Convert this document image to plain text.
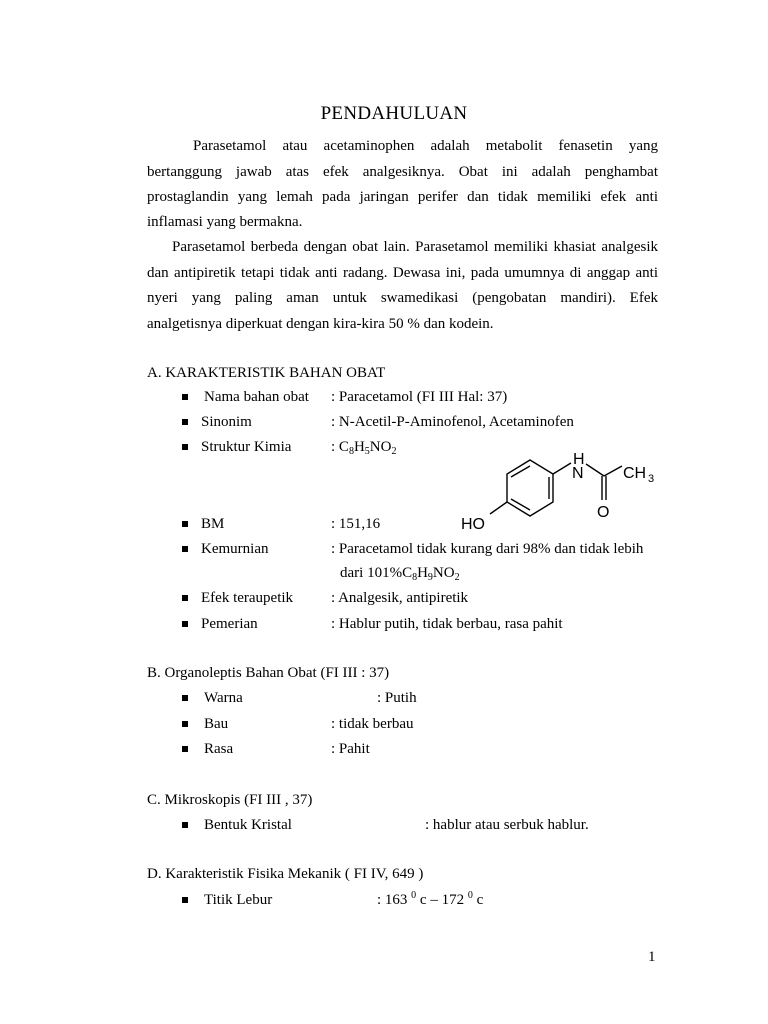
PENDAHULUAN
Parasetamol atau acetaminophen adalah metabolit fenasetin yang
bertanggung jawab atas efek analgesiknya. Obat ini adalah penghambat
prostaglandin yang lemah pada jaringan perifer dan tidak memiliki efek anti
inflamasi yang bermakna.
Parasetamol berbeda dengan obat lain. Parasetamol memiliki khasiat analgesik
dan antipiretik tetapi tidak anti radang. Dewasa ini, pada umumnya di anggap anti
nyeri yang paling aman untuk swamedikasi (pengobatan mandiri). Efek
analgetisnya diperkuat dengan kira-kira 50 % dan kodein.
A. KARAKTERISTIK BAHAN OBAT
Nama bahan obat : Paracetamol (FI III Hal: 37)
Sinonim	: N-Acetil-P-Aminofenol, Acetaminofen
Struktur Kimia	: $C_8H_5NO_2$	H
N CH 3
O
HO
BM	: 151,16
Kemurnian	: Paracetamol tidak kurang dari 98% dan tidak lebih
dari $101\%C_8H_9NO_2$
Efek teraupetik	: Analgesik, antipiretik
Pemerian	: Hablur putih, tidak berbau, rasa pahit
B. Organoleptis Bahan Obat (FI III : 37)
Warna	: Putih
Bau	: tidak berbau
Rasa	: Pahit
C. Mikroskopis (FI III , 37)
Bentuk Kristal	: hablur atau serbuk hablur.
D. Karakteristik Fisika Mekanik ( FI IV, 649 )
Titik Lebur	: 163 $^0$ c – 172 $^0$ c
1
